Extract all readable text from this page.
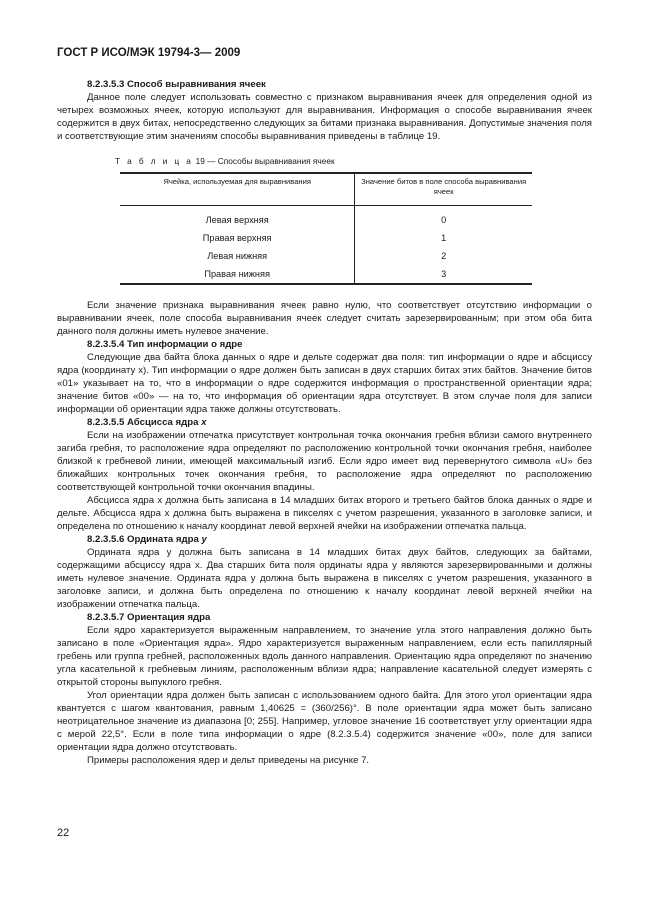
ГОСТ Р ИСО/МЭК 19794-3— 2009

8.2.3.5.3 Способ выравнивания ячеек

Данное поле следует использовать совместно с признаком выравнивания ячеек для определения одной из четырех возможных ячеек, которую используют для выравнивания. Информация о способе выравнивания ячеек содержится в двух битах, непосредственно следующих за битами признака выравнивания. Допустимые значения поля и соответствующие этим значениям способы выравнивания приведены в таблице 19.

Т а б л и ц а 19 — Способы выравнивания ячеек
Ячейка, используемая для выравнивания	Значение битов в поле способа выравнивания ячеек

Левая верхняя	0
Правая верхняя	1
Левая нижняя	2
Правая нижняя	3

Если значение признака выравнивания ячеек равно нулю, что соответствует отсутствию информации о выравнивании ячеек, поле способа выравнивания ячеек следует считать зарезервированным; при этом оба бита данного поля должны иметь нулевое значение.

8.2.3.5.4 Тип информации о ядре

Следующие два байта блока данных о ядре и дельте содержат два поля: тип информации о ядре и абсциссу ядра (координату x). Тип информации о ядре должен быть записан в двух старших битах этих байтов. Значение битов «01» указывает на то, что в информации о ядре содержится информация о пространственной ориентации ядра; значение битов «00» — на то, что информация об ориентации ядра отсутствует. В этом случае поля для записи информации об ориентации ядра также должны отсутствовать.

8.2.3.5.5 Абсцисса ядра x

Если на изображении отпечатка присутствует контрольная точка окончания гребня вблизи самого внутреннего загиба гребня, то расположение ядра определяют по расположению контрольной точки окончания гребня, наиболее близкой к гребневой линии, имеющей максимальный изгиб. Если ядро имеет вид перевернутого символа «U» без ближайших контрольных точек окончания гребня, то расположение ядра определяют по расположению соответствующей контрольной точки окончания впадины.

Абсцисса ядра x должна быть записана в 14 младших битах второго и третьего байтов блока данных о ядре и дельте. Абсцисса ядра x должна быть выражена в пикселях с учетом разрешения, указанного в заголовке записи, и определена по отношению к началу координат левой верхней ячейки на изображении отпечатка пальца.

8.2.3.5.6 Ордината ядра y

Ордината ядра y должна быть записана в 14 младших битах двух байтов, следующих за байтами, содержащими абсциссу ядра x. Два старших бита поля ординаты ядра y являются зарезервированными и должны иметь нулевое значение. Ордината ядра y должна быть выражена в пикселях с учетом разрешения, указанного в заголовке записи, и должна быть определена по отношению к началу координат левой верхней ячейки на изображении отпечатка пальца.

8.2.3.5.7 Ориентация ядра

Если ядро характеризуется выраженным направлением, то значение угла этого направления должно быть записано в поле «Ориентация ядра». Ядро характеризуется выраженным направлением, если есть папиллярный гребень или группа гребней, расположенных вдоль данного направления. Ориентацию ядра определяют по значению угла касательной к гребневым линиям, расположенным вблизи ядра; направление касательной следует измерять с открытой стороны выпуклого гребня.

Угол ориентации ядра должен быть записан с использованием одного байта. Для этого угол ориентации ядра квантуется с шагом квантования, равным 1,40625 = (360/256)°. В поле ориентации ядра может быть записано неотрицательное значение из диапазона [0; 255]. Например, угловое значение 16 соответствует углу ориентации ядра с мерой 22,5°. Если в поле типа информации о ядре (8.2.3.5.4) содержится значение «00», поле для записи ориентации ядра должно отсутствовать.

Примеры расположения ядер и дельт приведены на рисунке 7.

22
